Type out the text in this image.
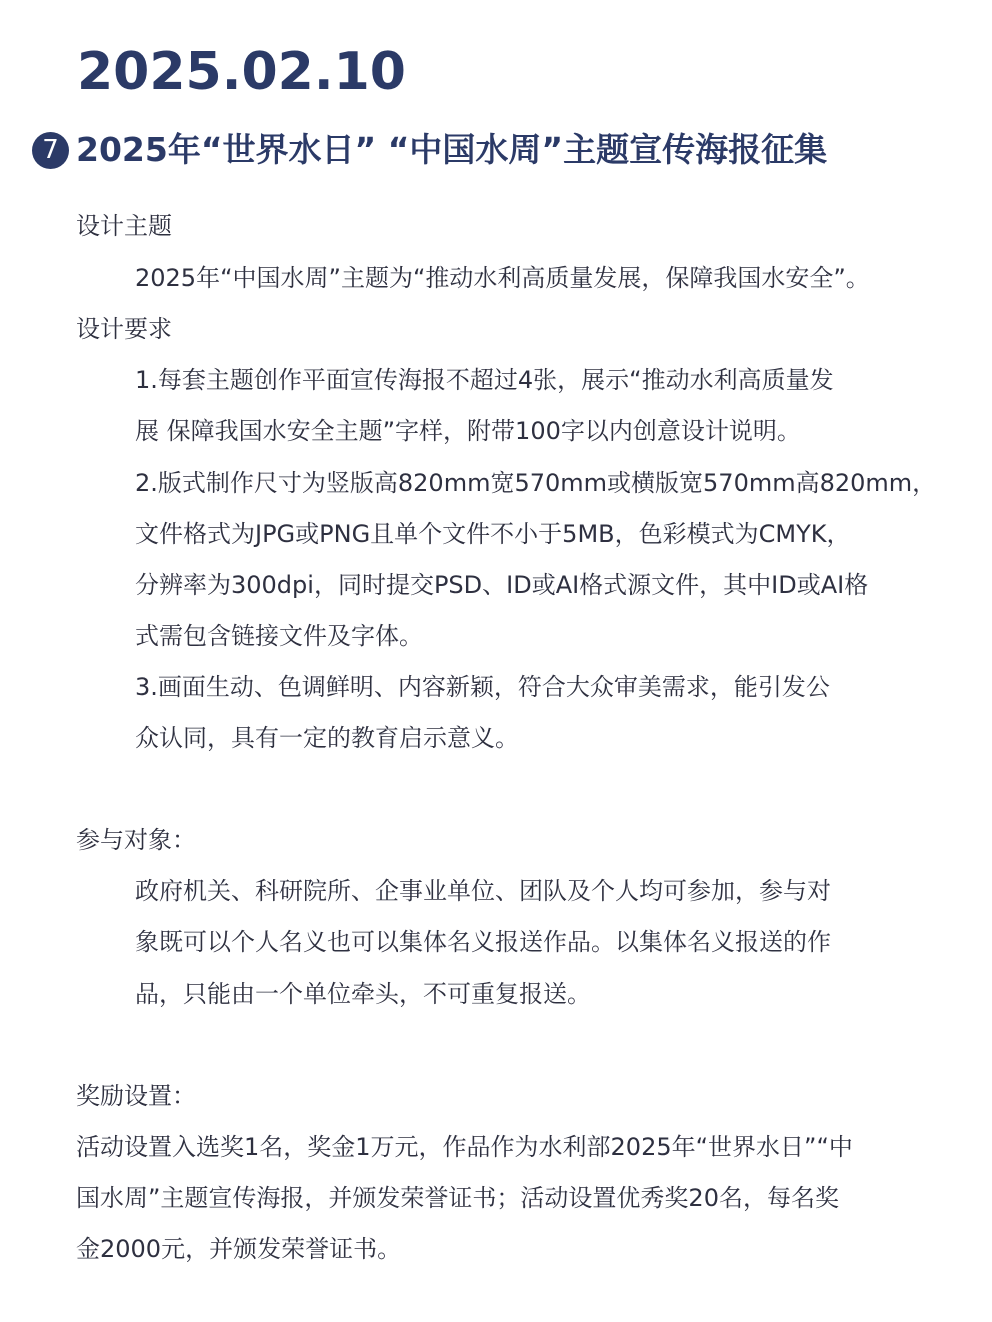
2025.02.10
7 2025年“世界水日” “中国水周”主题宣传海报征集
设计主题
2025年“中国水周”主题为“推动水利高质量发展，保障我国水安全”。
设计要求
1.每套主题创作平面宣传海报不超过4张，展示“推动水利高质量发
展 保障我国水安全主题”字样，附带100字以内创意设计说明。
2.版式制作尺寸为竖版高820mm宽570mm或横版宽570mm高820mm，
文件格式为JPG或PNG且单个文件不小于5MB，色彩模式为CMYK，
分辨率为300dpi，同时提交PSD、ID或AI格式源文件，其中ID或AI格
式需包含链接文件及字体。
3.画面生动、色调鲜明、内容新颖，符合大众审美需求，能引发公
众认同，具有一定的教育启示意义。
参与对象：
政府机关、科研院所、企事业单位、团队及个人均可参加，参与对
象既可以个人名义也可以集体名义报送作品。以集体名义报送的作
品，只能由一个单位牵头，不可重复报送。
奖励设置：
活动设置入选奖1名，奖金1万元，作品作为水利部2025年“世界水日”“中
国水周”主题宣传海报，并颁发荣誉证书；活动设置优秀奖20名，每名奖
金2000元，并颁发荣誉证书。
